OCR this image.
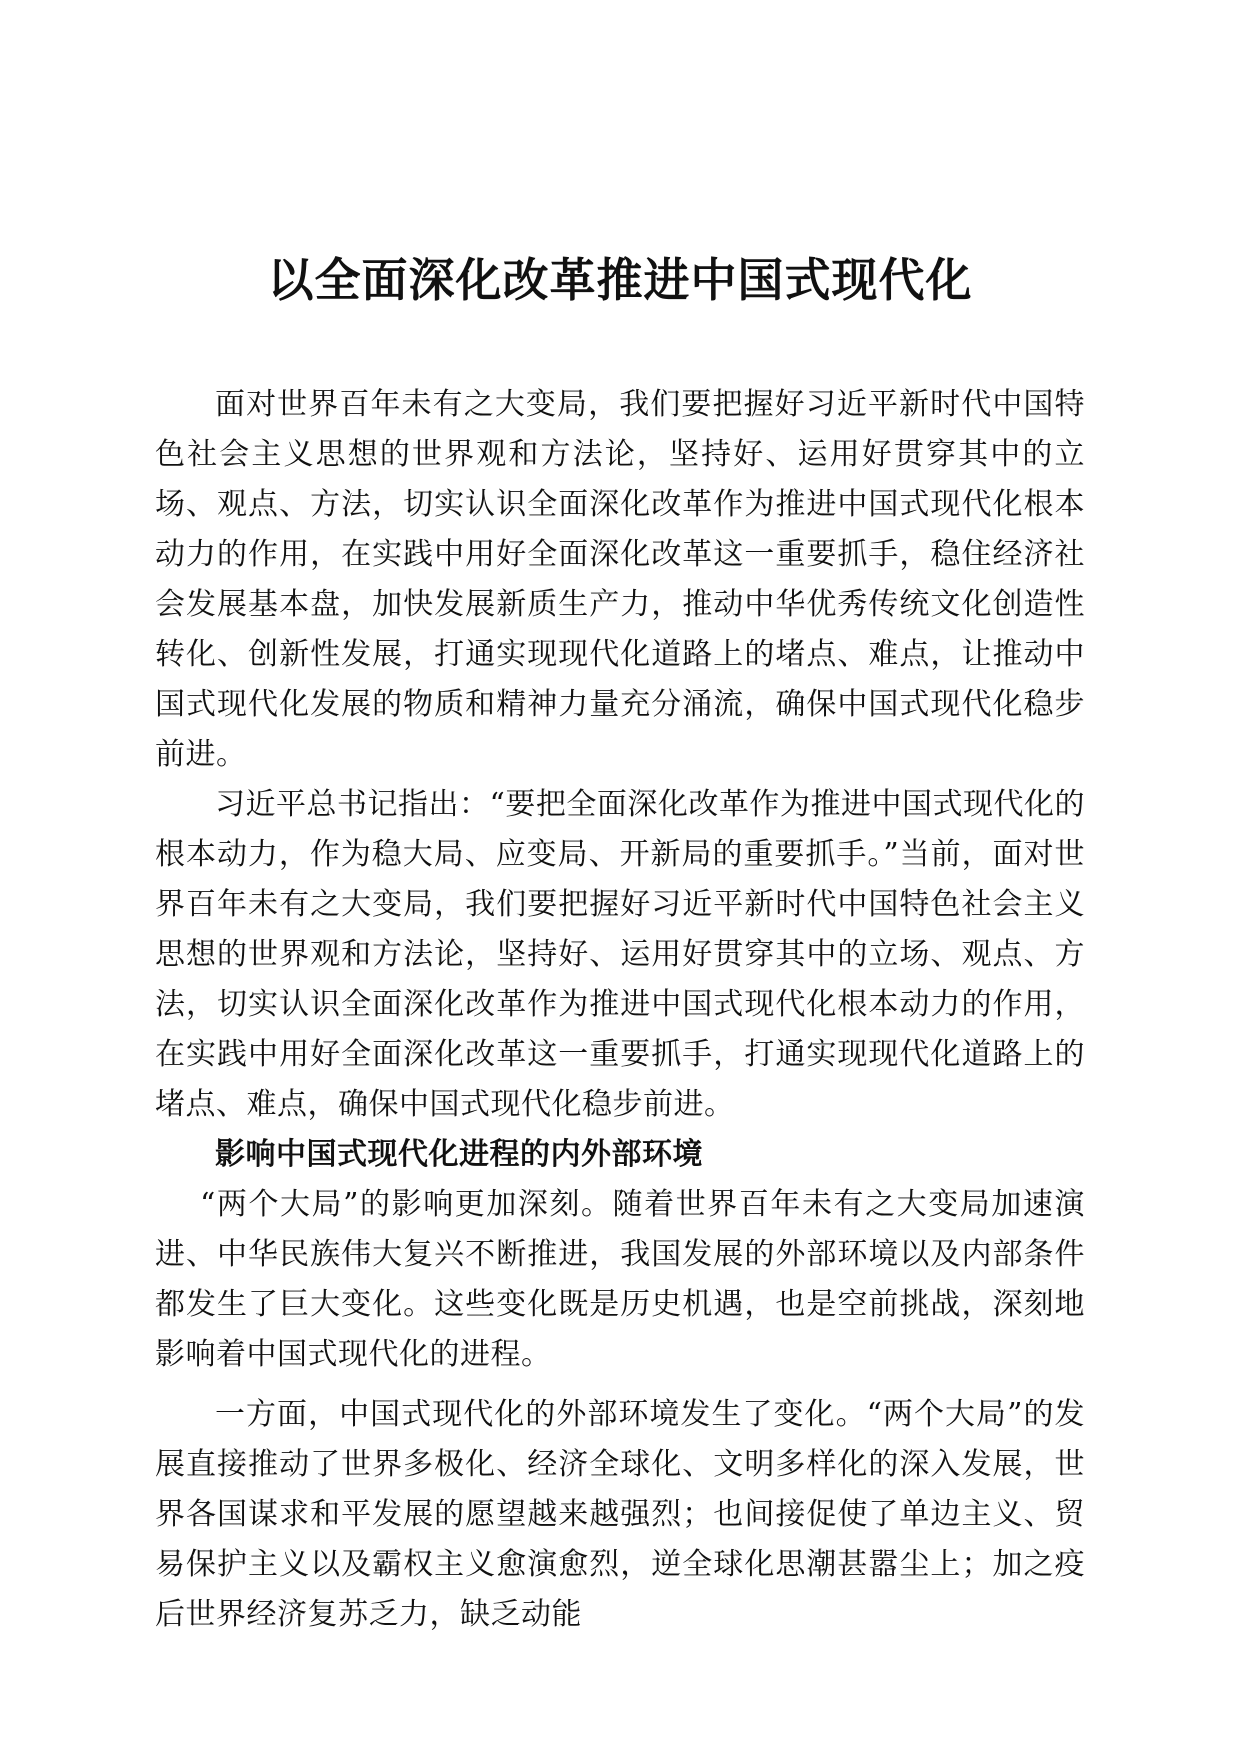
以全面深化改革推进中国式现代化

面对世界百年未有之大变局，我们要把握好习近平新时代中国特色社会主义思想的世界观和方法论，坚持好、运用好贯穿其中的立场、观点、方法，切实认识全面深化改革作为推进中国式现代化根本动力的作用，在实践中用好全面深化改革这一重要抓手，稳住经济社会发展基本盘，加快发展新质生产力，推动中华优秀传统文化创造性转化、创新性发展，打通实现现代化道路上的堵点、难点，让推动中国式现代化发展的物质和精神力量充分涌流，确保中国式现代化稳步前进。

习近平总书记指出：“要把全面深化改革作为推进中国式现代化的根本动力，作为稳大局、应变局、开新局的重要抓手。”当前，面对世界百年未有之大变局，我们要把握好习近平新时代中国特色社会主义思想的世界观和方法论，坚持好、运用好贯穿其中的立场、观点、方法，切实认识全面深化改革作为推进中国式现代化根本动力的作用，在实践中用好全面深化改革这一重要抓手，打通实现现代化道路上的堵点、难点，确保中国式现代化稳步前进。

影响中国式现代化进程的内外部环境

“两个大局”的影响更加深刻。随着世界百年未有之大变局加速演进、中华民族伟大复兴不断推进，我国发展的外部环境以及内部条件都发生了巨大变化。这些变化既是历史机遇，也是空前挑战，深刻地影响着中国式现代化的进程。

一方面，中国式现代化的外部环境发生了变化。“两个大局”的发展直接推动了世界多极化、经济全球化、文明多样化的深入发展，世界各国谋求和平发展的愿望越来越强烈；也间接促使了单边主义、贸易保护主义以及霸权主义愈演愈烈，逆全球化思潮甚嚣尘上；加之疫后世界经济复苏乏力，缺乏动能
